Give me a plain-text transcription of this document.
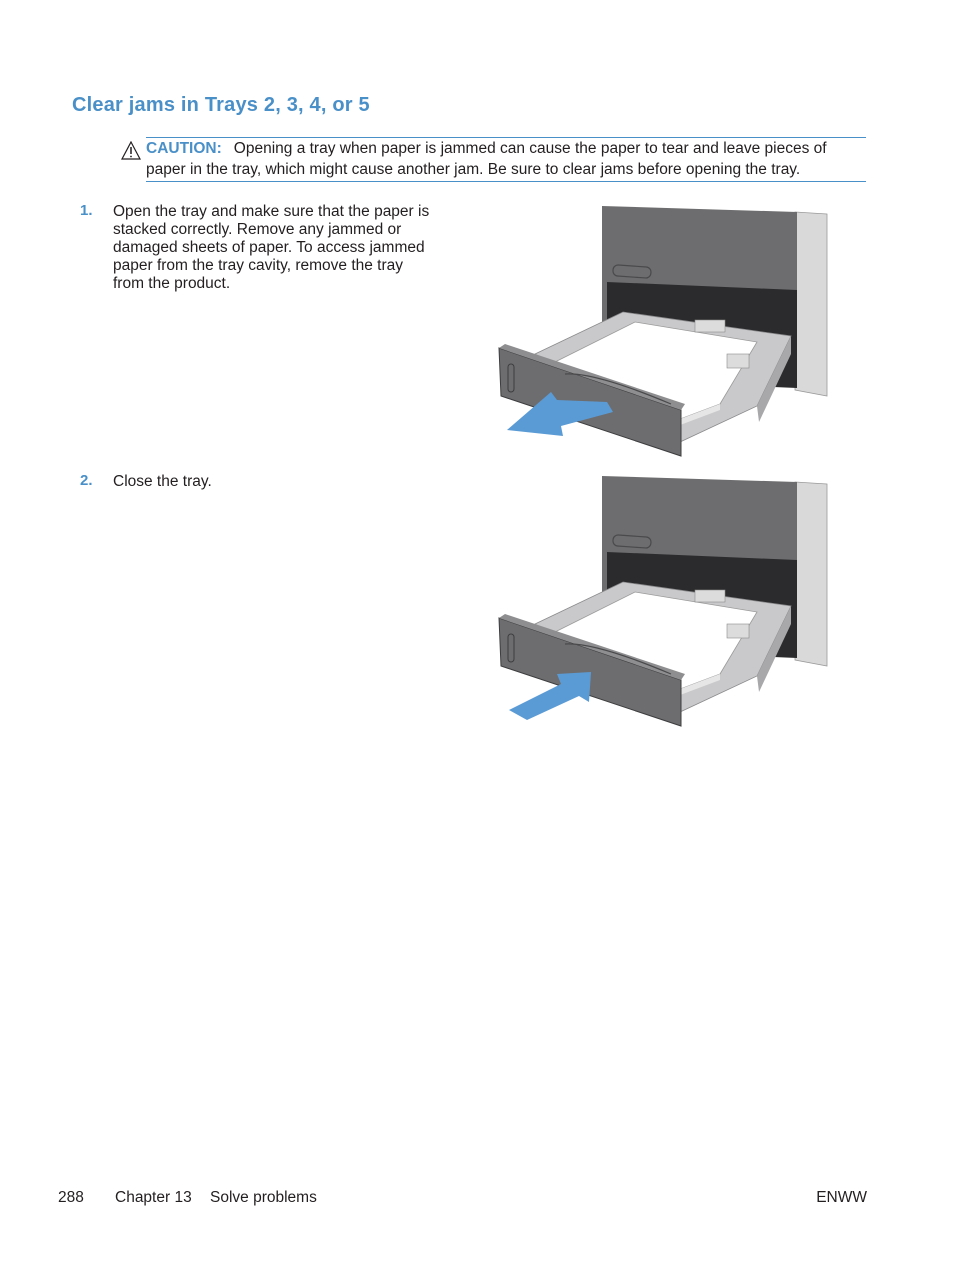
Clear jams in Trays 2, 3, 4, or 5
CAUTION: Opening a tray when paper is jammed can cause the paper to tear and leave pieces of paper in the tray, which might cause another jam. Be sure to clear jams before opening the tray.
1. Open the tray and make sure that the paper is
stacked correctly. Remove any jammed or
damaged sheets of paper. To access jammed
paper from the tray cavity, remove the tray
from the product.
2. Close the tray.
288 Chapter 13 Solve problems	ENWW
